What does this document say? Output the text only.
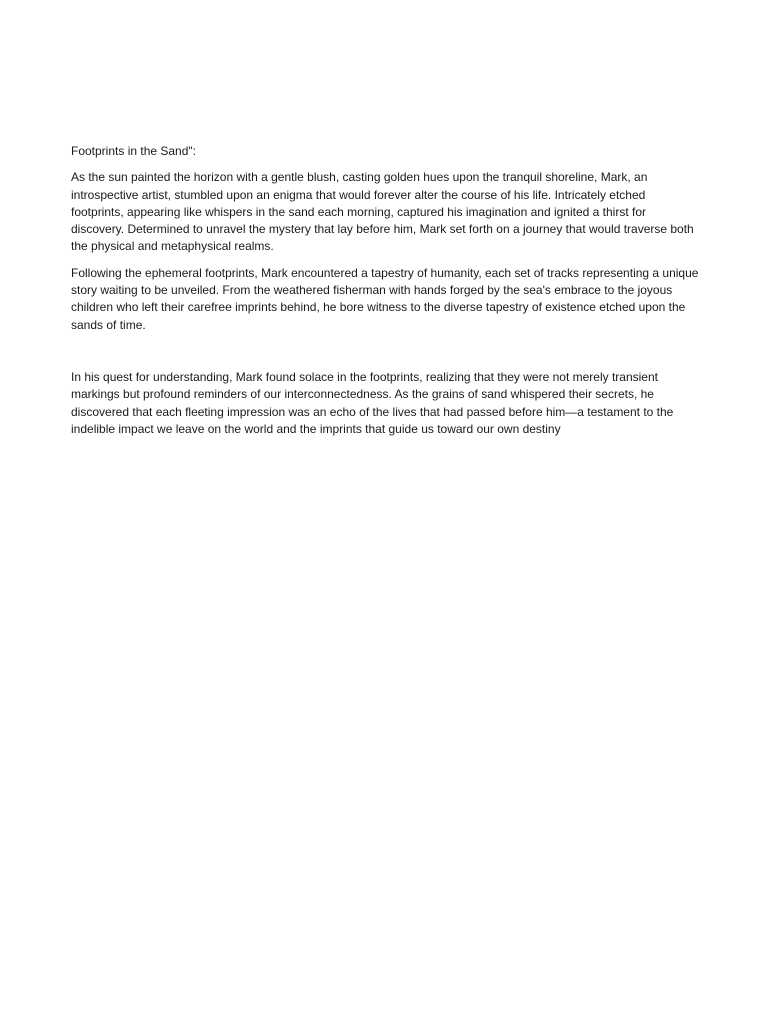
Footprints in the Sand":

As the sun painted the horizon with a gentle blush, casting golden hues upon the tranquil shoreline, Mark, an introspective artist, stumbled upon an enigma that would forever alter the course of his life. Intricately etched footprints, appearing like whispers in the sand each morning, captured his imagination and ignited a thirst for discovery. Determined to unravel the mystery that lay before him, Mark set forth on a journey that would traverse both the physical and metaphysical realms.

Following the ephemeral footprints, Mark encountered a tapestry of humanity, each set of tracks representing a unique story waiting to be unveiled. From the weathered fisherman with hands forged by the sea's embrace to the joyous children who left their carefree imprints behind, he bore witness to the diverse tapestry of existence etched upon the sands of time.

In his quest for understanding, Mark found solace in the footprints, realizing that they were not merely transient markings but profound reminders of our interconnectedness. As the grains of sand whispered their secrets, he discovered that each fleeting impression was an echo of the lives that had passed before him—a testament to the indelible impact we leave on the world and the imprints that guide us toward our own destiny
